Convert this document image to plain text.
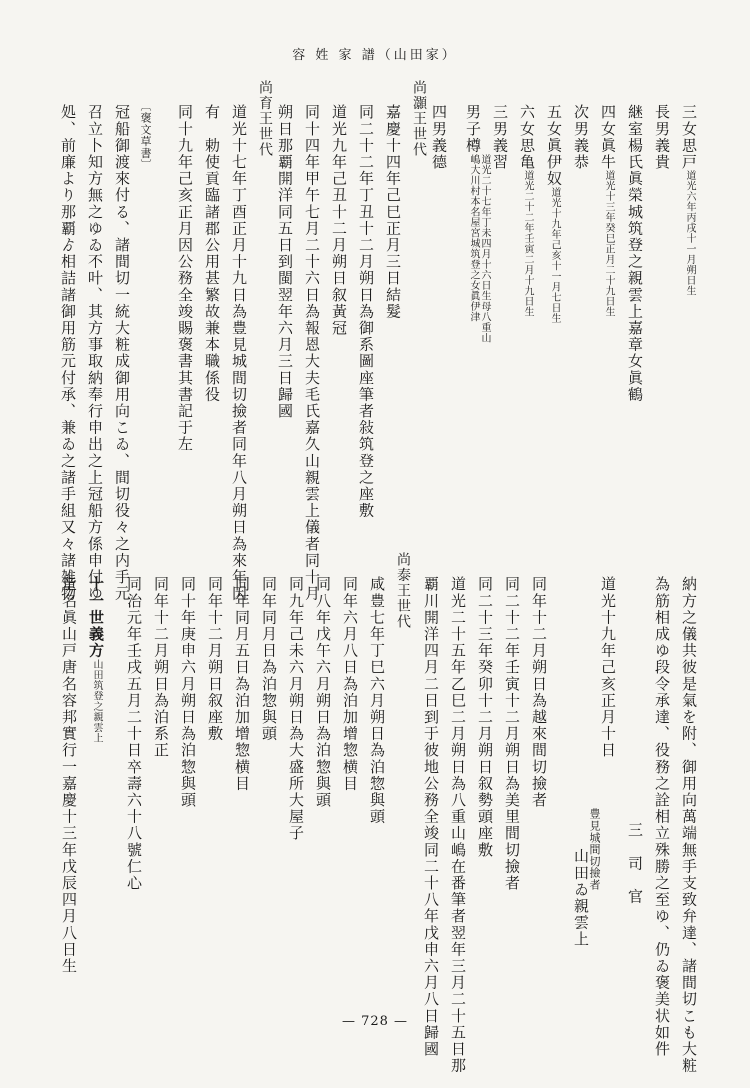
容 姓 家 譜（山田家）
三女思戸道光六年丙戌十一月朔日生
長男義貴
継室楊氏眞榮城筑登之親雲上嘉章女眞鶴
四女眞牛道光十三年癸巳正月二十九日生
次男義恭
五女眞伊奴道光十九年己亥十一月七日生
六女思亀道光二十二年壬寅二月十九日生
三男義習
男子樽道光二十七年丁未四月十六日生母八重山嶋大川村本名屋宮城筑登之女眞伊津
四男義德
尚灝王世代
嘉慶十四年己巳正月三日結髮
同二十二年丁丑十二月朔日為御系圖座筆者敍筑登之座敷
道光九年己丑十二月朔日叙黃冠
同十四年甲午七月二十六日為報恩大夫毛氏嘉久山親雲上儀者同十月
朔日那覇開洋同五日到閩翌年六月三日歸國
尚育王世代
道光十七年丁酉正月十九日為豊見城間切撿者同年八月朔日為來年因
有　勅使貢臨諸郡公用甚繁故兼本職係役
同十九年己亥正月因公務全竣賜褒書其書記于左
〔褒文草書〕
冠船御渡來付る、諸間切一統大粧成御用向こゐ、間切役々之内手元
召立卜知方無之ゆゐ不叶、其方事取納奉行申出之上冠船方係申付ゆ
処、前廉より那覇ゟ相詰諸御用筋元付承、兼ゐ之諸手組又々諸雑物
納方之儀共彼是氣を附、御用向萬端無手支致弁達、諸間切こも大粧
為筋相成ゆ段令承達、役務之詮相立殊勝之至ゆ、仍ゐ褒美状如件
三　司　官
道光十九年己亥正月十日
豊見城間切撿者
山田ゐ親雲上
同年十二月朔日為越來間切撿者
同二十二年壬寅十二月朔日為美里間切撿者
同二十三年癸卯十二月朔日叙勢頭座敷
道光二十五年乙巳二月朔日為八重山嶋在番筆者翌年三月二十五日那
覇川開洋四月二日到于彼地公務全竣同二十八年戊申六月八日歸國
尚泰王世代
咸豊七年丁巳六月朔日為泊惣與頭
同年六月八日為泊加增惣横目
同八年戊午六月朔日為泊惣與頭
同九年己未六月朔日為大盛所大屋子
同年同月日為泊惣與頭
同年同月五日為泊加增惣横目
同年十二月朔日叙座敷
同十年庚申六月朔日為泊惣與頭
同年十二月朔日為泊系正
同治元年壬戌五月二十日卒壽六十八號仁心
十一世義方山田筑登之親雲上
童名眞山戸唐名容邦實行一嘉慶十三年戊辰四月八日生
— 728 —
